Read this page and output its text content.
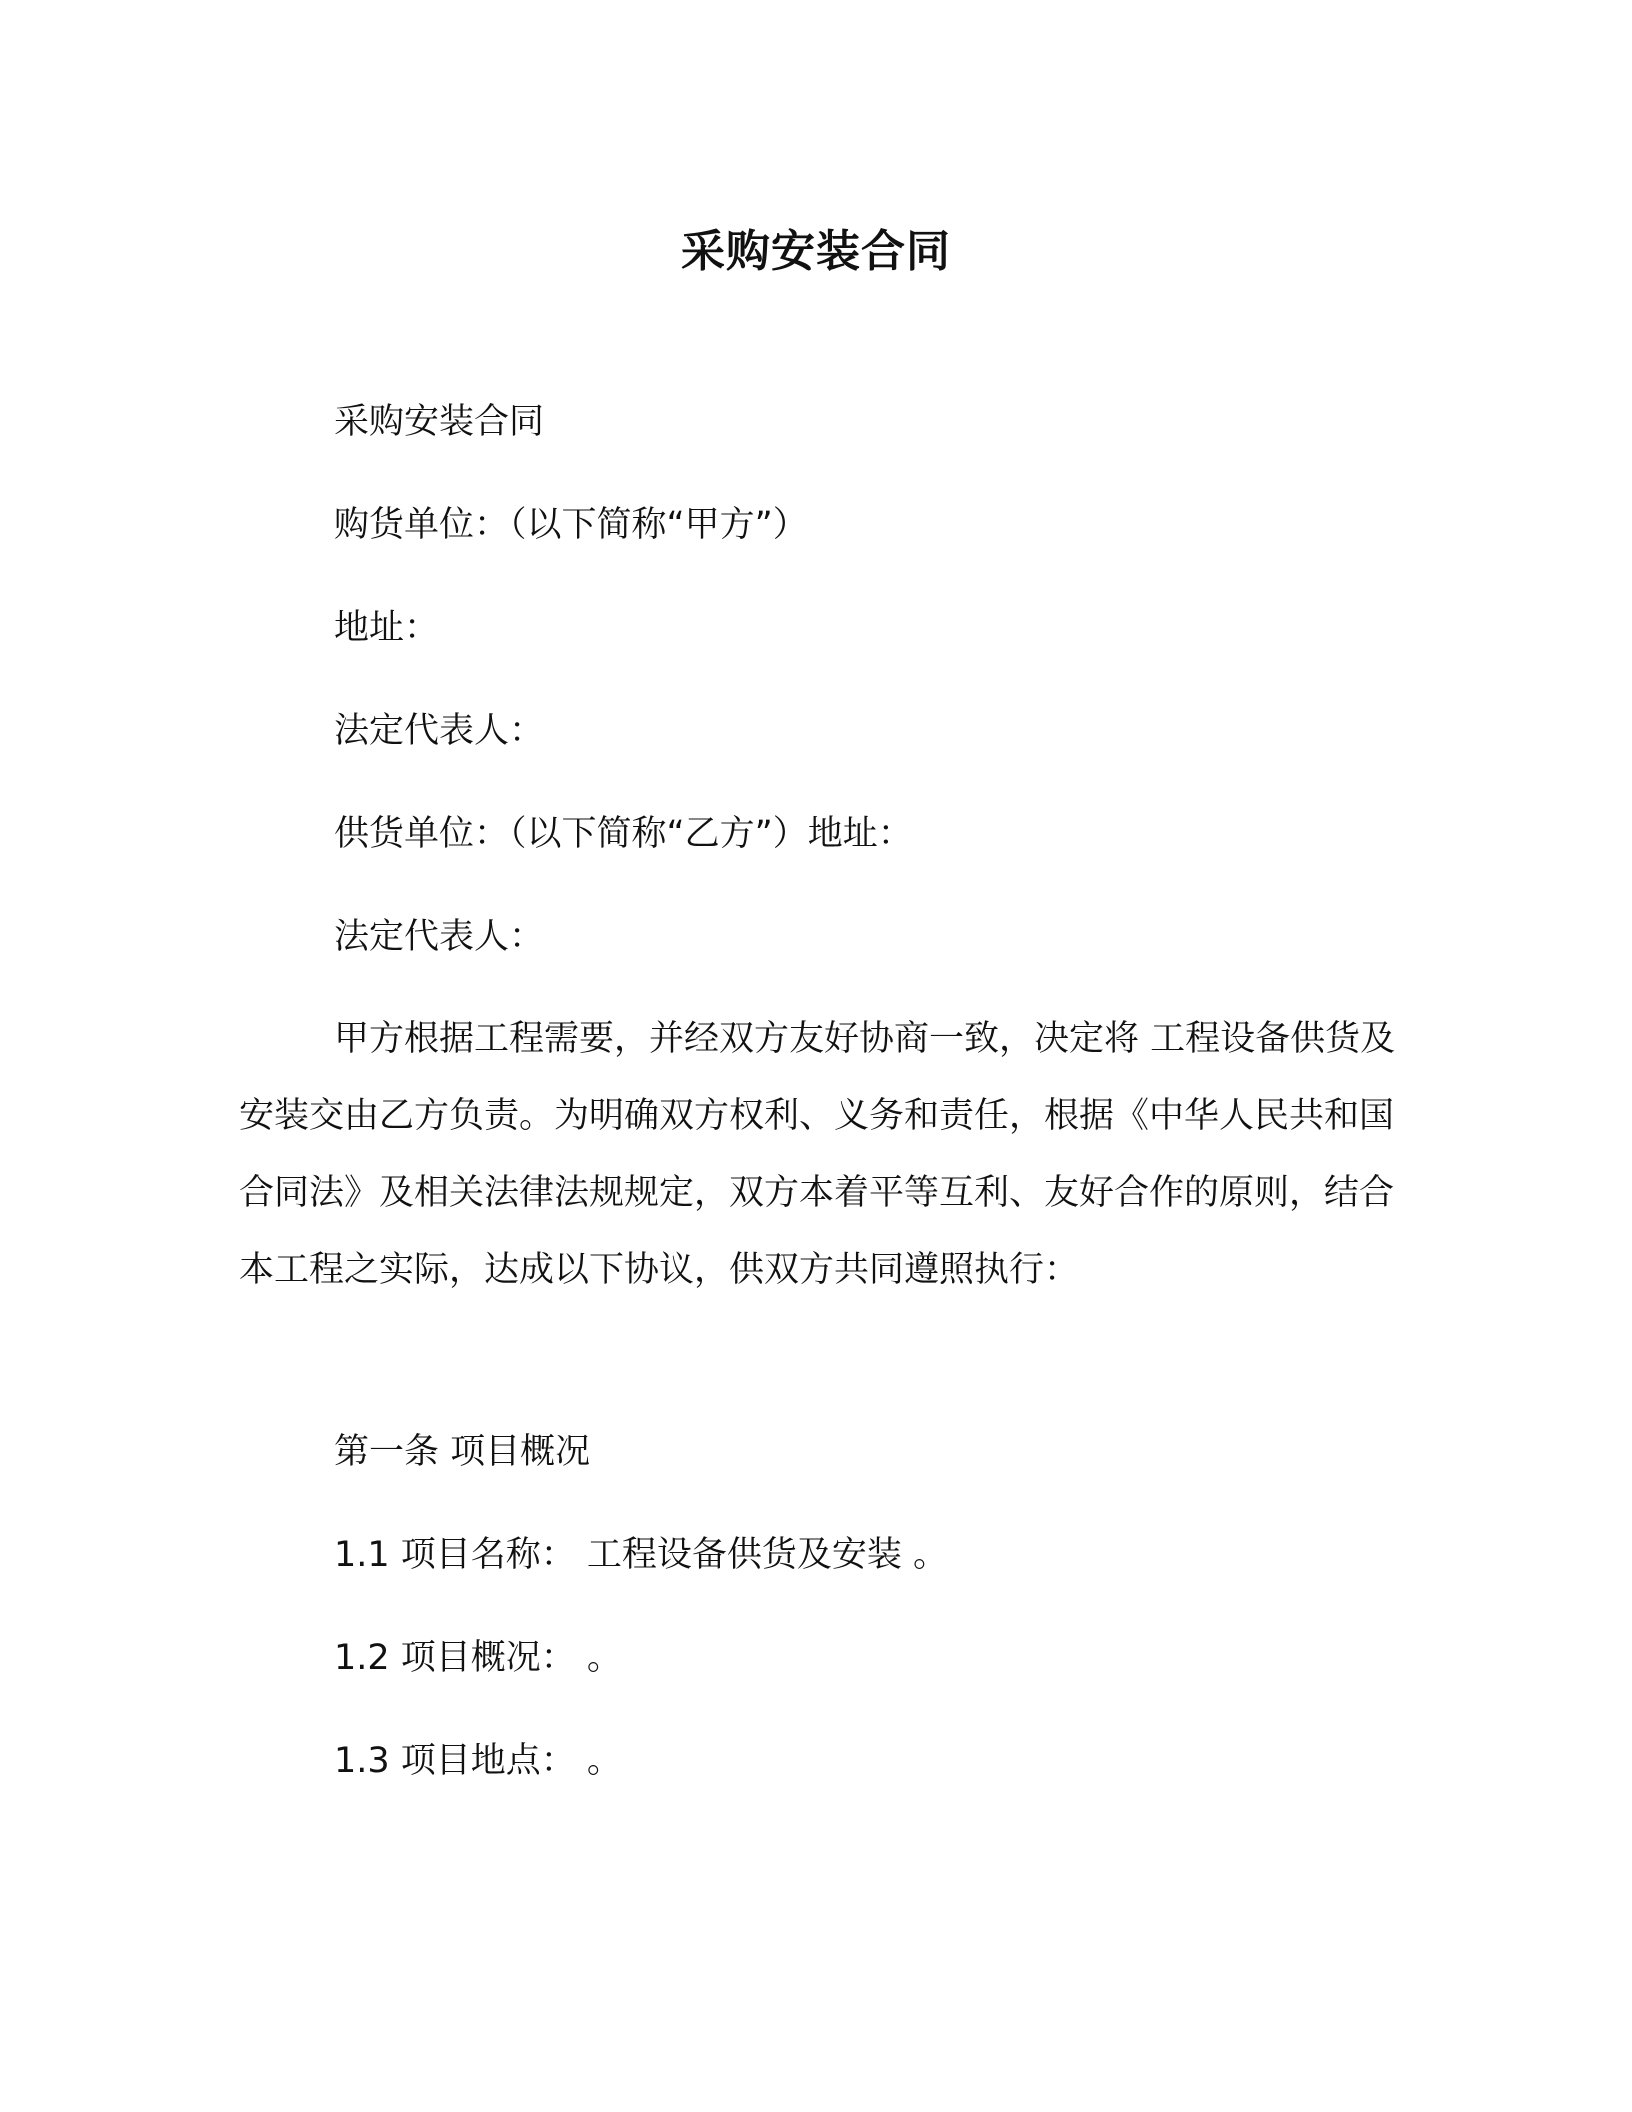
采购安装合同
采购安装合同
购货单位：（以下简称“甲方”）
地址：
法定代表人：
供货单位：（以下简称“乙方”）地址：
法定代表人：

甲方根据工程需要，并经双方友好协商一致，决定将 工程设备供货及安装交由乙方负责。为明确双方权利、义务和责任，根据《中华人民共和国合同法》及相关法律法规规定，双方本着平等互利、友好合作的原则，结合本工程之实际，达成以下协议，供双方共同遵照执行：

第一条 项目概况
1.1 项目名称： 工程设备供货及安装 。
1.2 项目概况： 。
1.3 项目地点： 。
